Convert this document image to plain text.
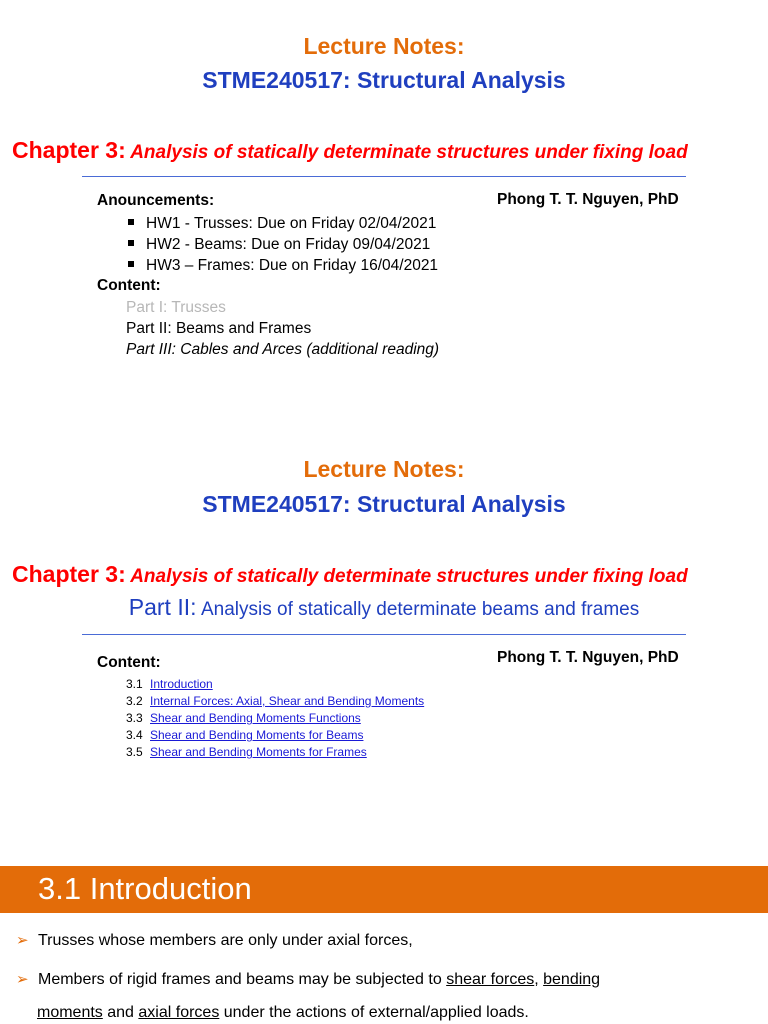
Lecture Notes:
STME240517: Structural Analysis
Chapter 3: Analysis of statically determinate structures under fixing load
Phong T. T. Nguyen, PhD
Anouncements:
HW1 - Trusses: Due on Friday 02/04/2021
HW2 - Beams: Due on Friday 09/04/2021
HW3 – Frames: Due on Friday 16/04/2021
Content:
Part I: Trusses
Part II: Beams and Frames
Part III: Cables and Arces (additional reading)
Lecture Notes:
STME240517: Structural Analysis
Chapter 3: Analysis of statically determinate structures under fixing load
Part II: Analysis of statically determinate beams and frames
Phong T. T. Nguyen, PhD
Content:
3.1 Introduction
3.2 Internal Forces: Axial, Shear and Bending Moments
3.3 Shear and Bending Moments Functions
3.4 Shear and Bending Moments for Beams
3.5 Shear and Bending Moments for Frames
3.1 Introduction
➢ Trusses whose members are only under axial forces,
➢ Members of rigid frames and beams may be subjected to shear forces, bending
moments and axial forces under the actions of external/applied loads.
